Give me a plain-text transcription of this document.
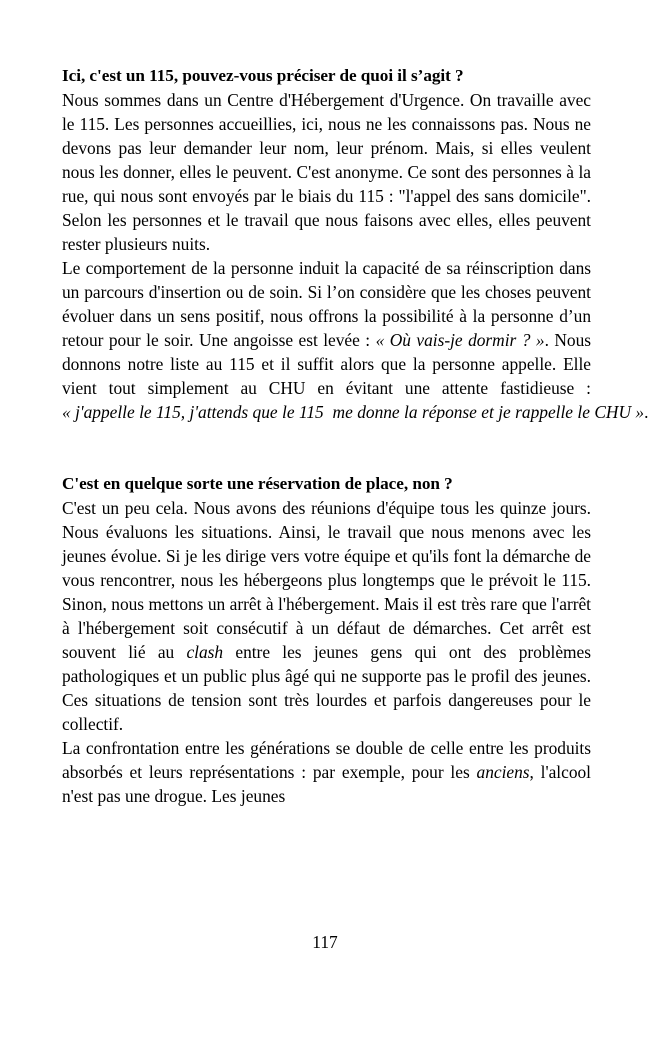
Ici, c'est un 115, pouvez-vous préciser de quoi il s’agit ?

Nous sommes dans un Centre d'Hébergement d'Urgence. On travaille avec le 115. Les personnes accueillies, ici, nous ne les connaissons pas. Nous ne devons pas leur demander leur nom, leur prénom. Mais, si elles veulent nous les donner, elles le peuvent. C'est anonyme. Ce sont des personnes à la rue, qui nous sont envoyés par le biais du 115 : "l'appel des sans domicile". Selon les personnes et le travail que nous faisons avec elles, elles peuvent rester plusieurs nuits.

Le comportement de la personne induit la capacité de sa réinscription dans un parcours d'insertion ou de soin. Si l’on considère que les choses peuvent évoluer dans un sens positif, nous offrons la possibilité à la personne d’un retour pour le soir. Une angoisse est levée : « Où vais-je dormir ? ». Nous donnons notre liste au 115 et il suffit alors que la personne appelle. Elle vient tout simplement au CHU en évitant une attente fastidieuse : « j'appelle le 115, j'attends que le 115  me donne la réponse et je rappelle le CHU ».

C'est en quelque sorte une réservation de place, non ?

C'est un peu cela. Nous avons des réunions d'équipe tous les quinze jours. Nous évaluons les situations. Ainsi, le travail que nous menons avec les jeunes évolue. Si je les dirige vers votre équipe et qu'ils font la démarche de vous rencontrer, nous les hébergeons plus longtemps que le prévoit le 115. Sinon, nous mettons un arrêt à l'hébergement. Mais il est très rare que l'arrêt à l'hébergement soit consécutif à un défaut de démarches. Cet arrêt est souvent lié au clash entre les jeunes gens qui ont des problèmes pathologiques et un public plus âgé qui ne supporte pas le profil des jeunes. Ces situations de tension sont très lourdes et parfois dangereuses pour le collectif.

La confrontation entre les générations se double de celle entre les produits absorbés et leurs représentations : par exemple, pour les anciens, l'alcool n'est pas une drogue. Les jeunes

117
